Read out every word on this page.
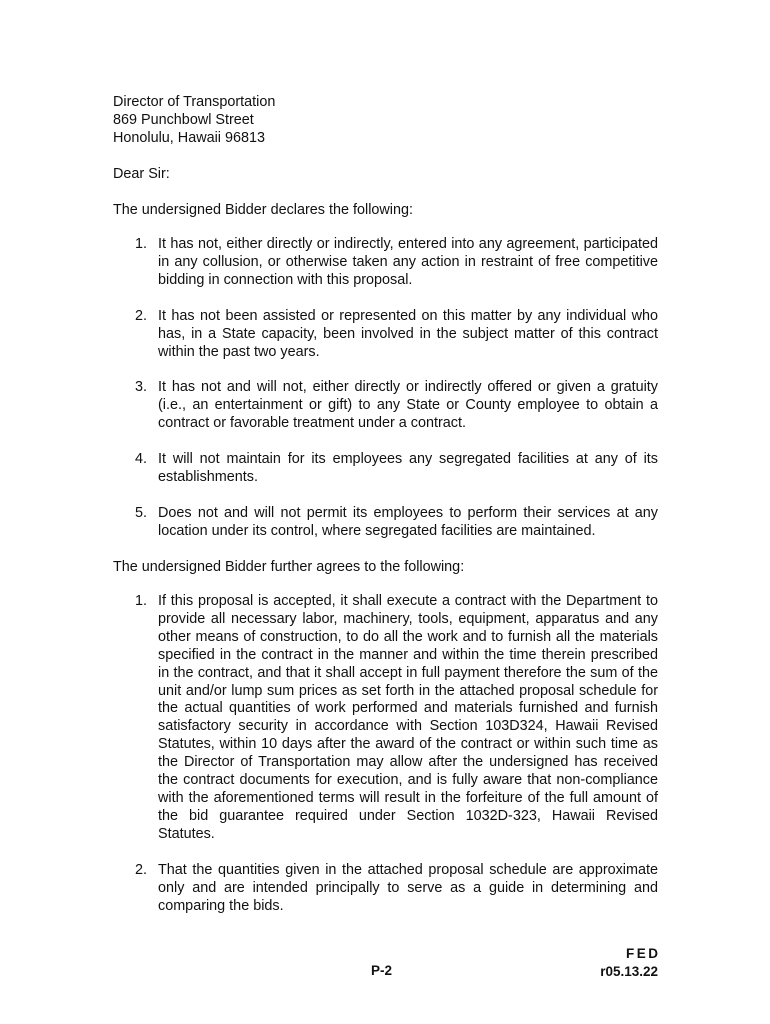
Director of Transportation
869 Punchbowl Street
Honolulu, Hawaii 96813
Dear Sir:
The undersigned Bidder declares the following:
1. It has not, either directly or indirectly, entered into any agreement, participated in any collusion, or otherwise taken any action in restraint of free competitive bidding in connection with this proposal.
2. It has not been assisted or represented on this matter by any individual who has, in a State capacity, been involved in the subject matter of this contract within the past two years.
3. It has not and will not, either directly or indirectly offered or given a gratuity (i.e., an entertainment or gift) to any State or County employee to obtain a contract or favorable treatment under a contract.
4. It will not maintain for its employees any segregated facilities at any of its establishments.
5. Does not and will not permit its employees to perform their services at any location under its control, where segregated facilities are maintained.
The undersigned Bidder further agrees to the following:
1. If this proposal is accepted, it shall execute a contract with the Department to provide all necessary labor, machinery, tools, equipment, apparatus and any other means of construction, to do all the work and to furnish all the materials specified in the contract in the manner and within the time therein prescribed in the contract, and that it shall accept in full payment therefore the sum of the unit and/or lump sum prices as set forth in the attached proposal schedule for the actual quantities of work performed and materials furnished and furnish satisfactory security in accordance with Section 103D324, Hawaii Revised Statutes, within 10 days after the award of the contract or within such time as the Director of Transportation may allow after the undersigned has received the contract documents for execution, and is fully aware that non-compliance with the aforementioned terms will result in the forfeiture of the full amount of the bid guarantee required under Section 1032D-323, Hawaii Revised Statutes.
2. That the quantities given in the attached proposal schedule are approximate only and are intended principally to serve as a guide in determining and comparing the bids.
FED
r05.13.22
P-2
